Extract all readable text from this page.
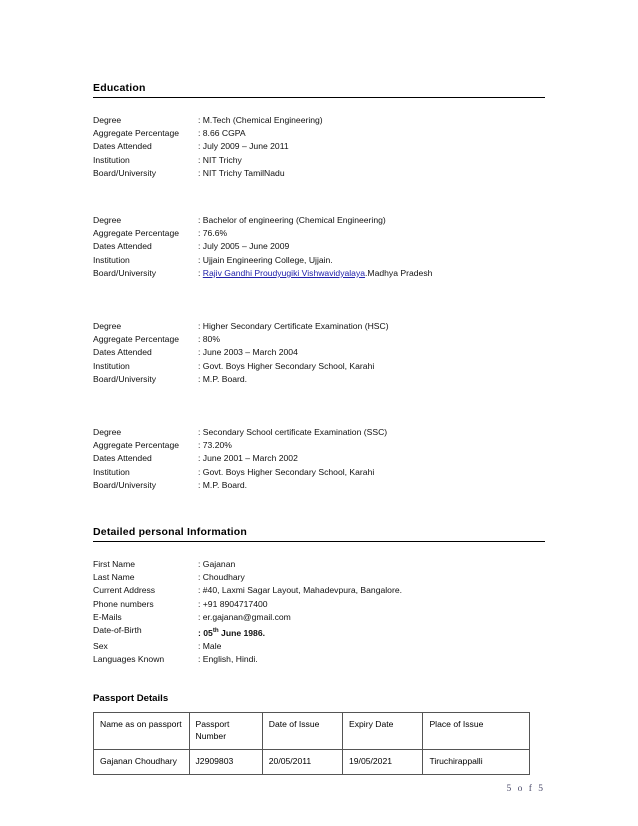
Education
Degree	: M.Tech (Chemical Engineering)
Aggregate Percentage	: 8.66 CGPA
Dates Attended	: July 2009 – June 2011
Institution	: NIT Trichy
Board/University	: NIT Trichy TamilNadu
Degree	: Bachelor of engineering (Chemical Engineering)
Aggregate Percentage	: 76.6%
Dates Attended	: July 2005 – June 2009
Institution	: Ujjain Engineering College, Ujjain.
Board/University	: Rajiv Gandhi Proudyugiki Vishwavidyalaya.Madhya Pradesh
Degree	: Higher Secondary Certificate Examination (HSC)
Aggregate Percentage	: 80%
Dates Attended	: June 2003 – March 2004
Institution	: Govt. Boys Higher Secondary School, Karahi
Board/University	: M.P. Board.
Degree	: Secondary School certificate Examination (SSC)
Aggregate Percentage	: 73.20%
Dates Attended	: June 2001 – March 2002
Institution	: Govt. Boys Higher Secondary School, Karahi
Board/University	: M.P. Board.
Detailed personal Information
First Name	: Gajanan
Last Name	: Choudhary
Current Address	: #40, Laxmi Sagar Layout, Mahadevpura, Bangalore.
Phone numbers	: +91 8904717400
E-Mails	: er.gajanan@gmail.com
Date-of-Birth	: 05th June 1986.
Sex	: Male
Languages Known	: English, Hindi.
Passport Details
Name as on passport	Passport Number	Date of Issue	Expiry Date	Place of Issue
Gajanan Choudhary	J2909803	20/05/2011	19/05/2021	Tiruchirappalli
5 o f 5
